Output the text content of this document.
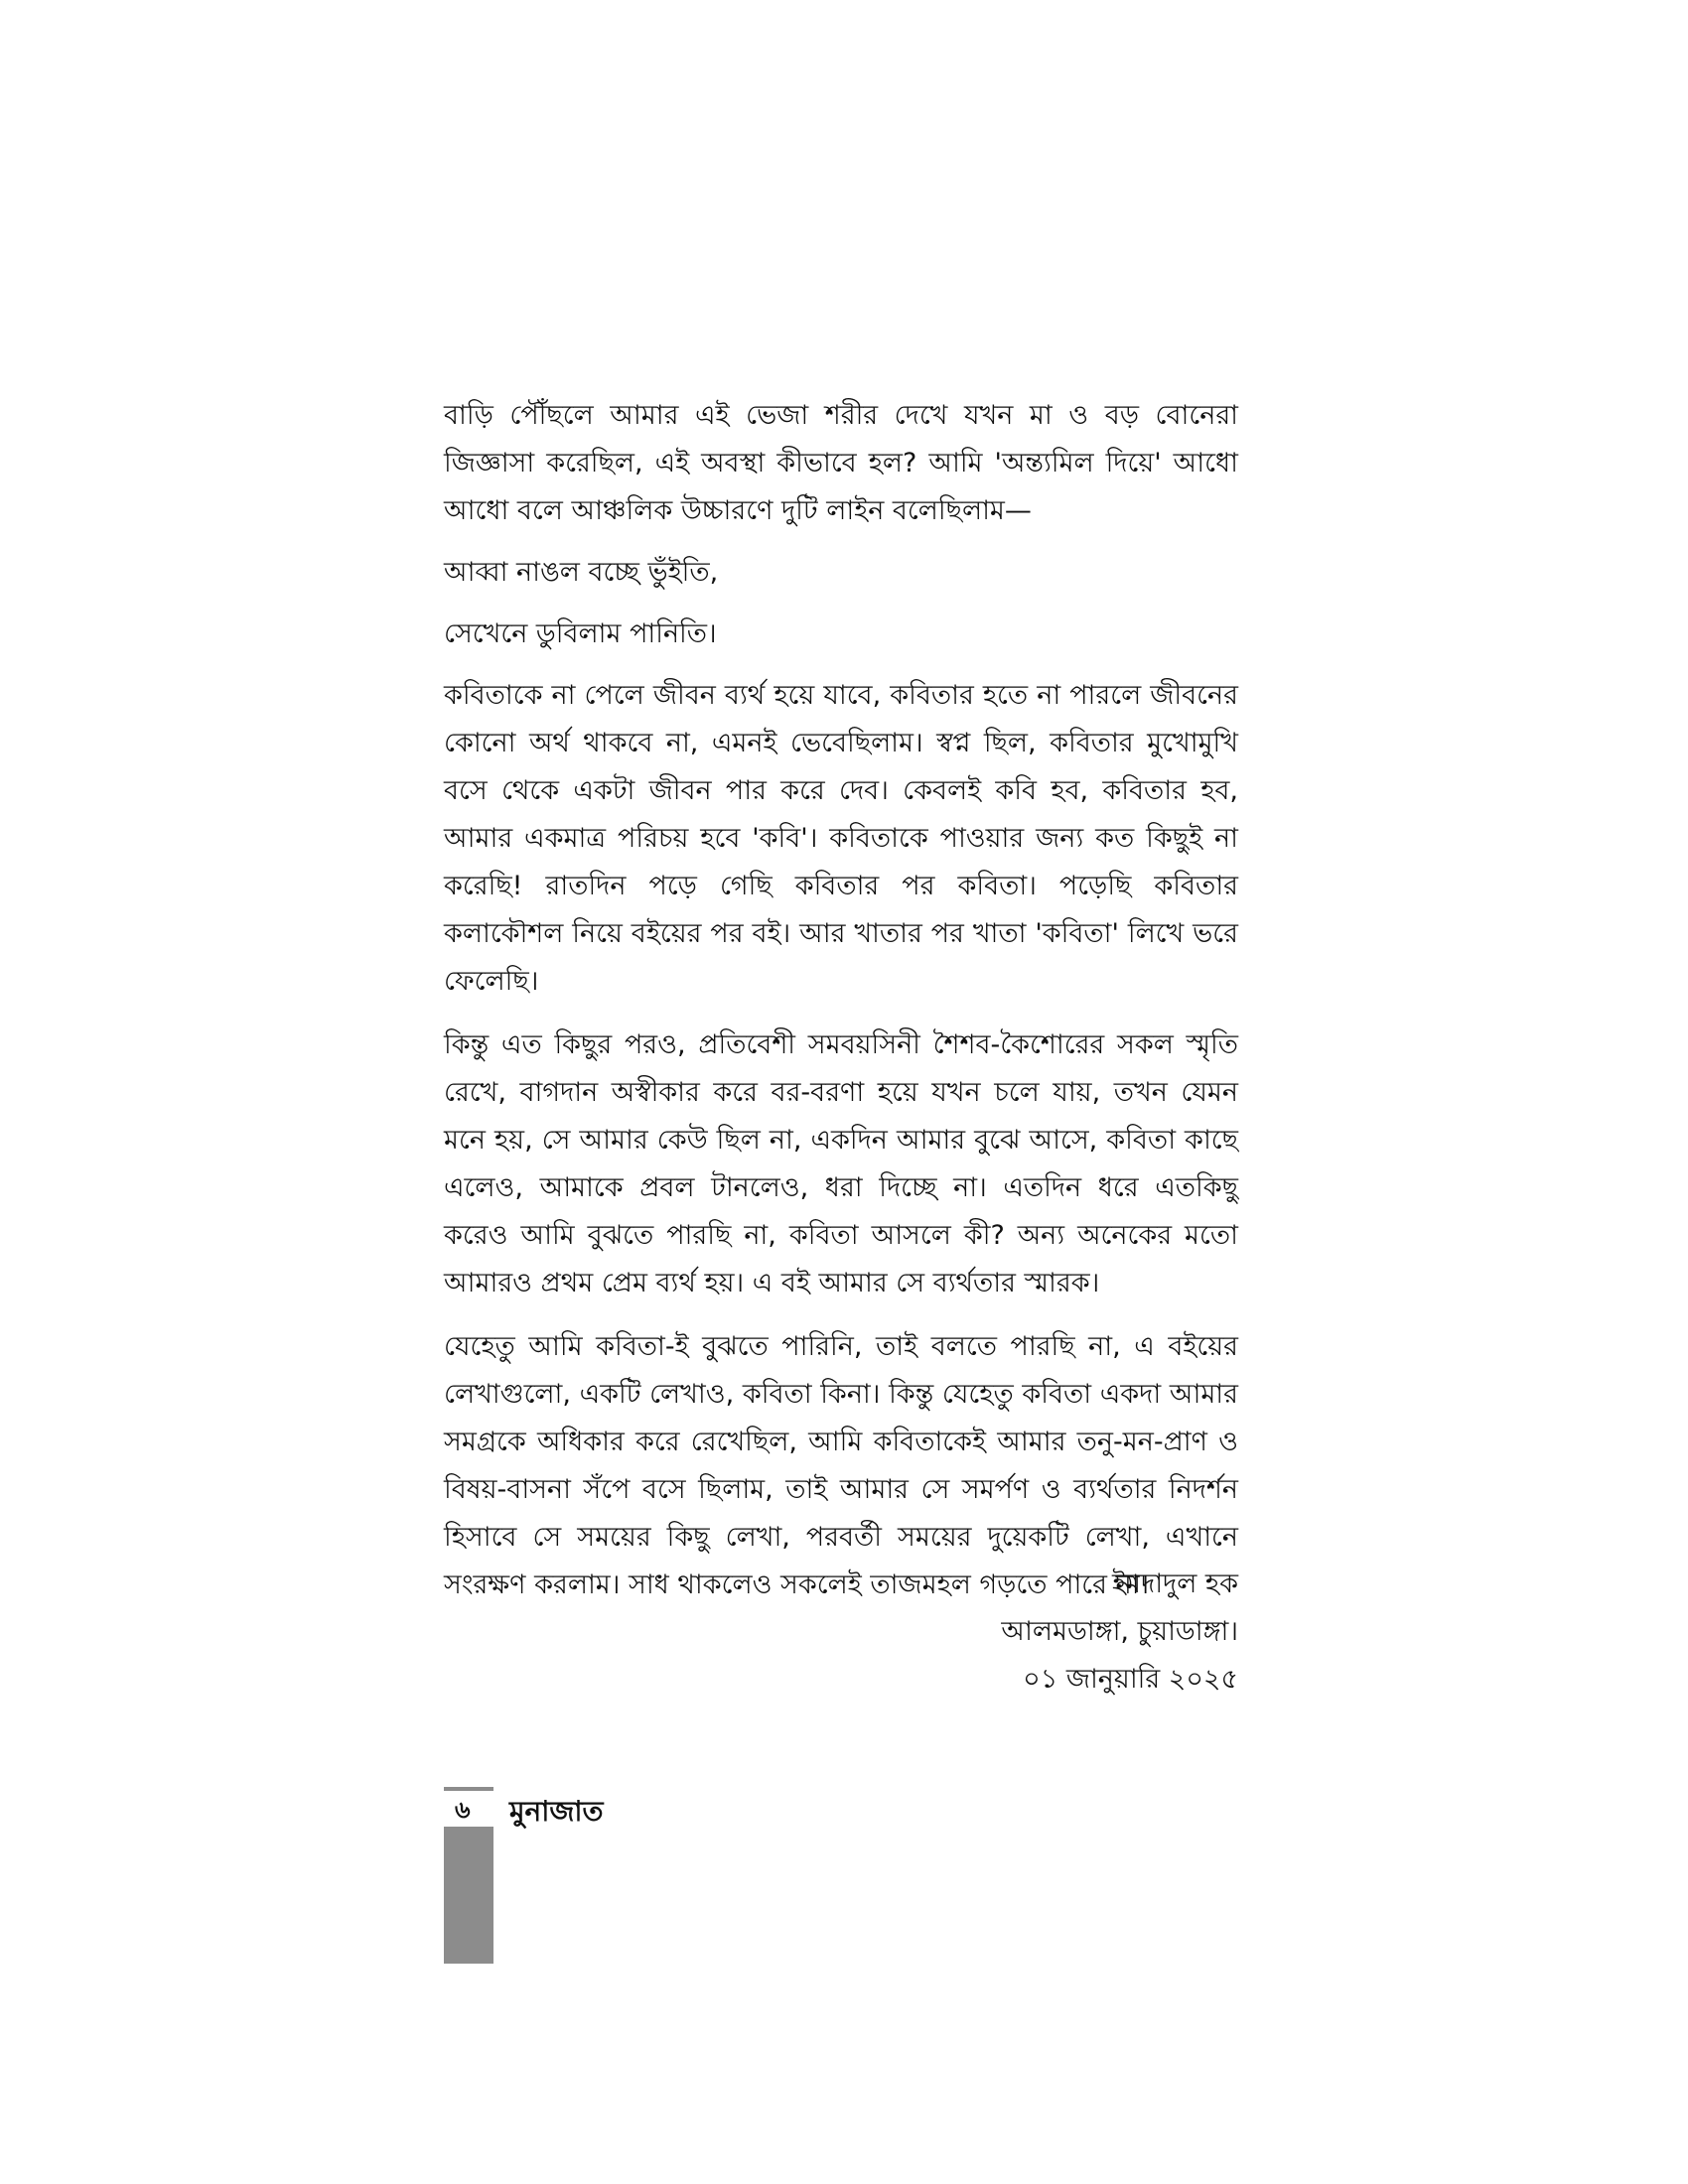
বাড়ি পৌঁছলে আমার এই ভেজা শরীর দেখে যখন মা ও বড় বোনেরা জিজ্ঞাসা করেছিল, এই অবস্থা কীভাবে হল? আমি 'অন্ত্যমিল দিয়ে' আধো আধো বলে আঞ্চলিক উচ্চারণে দুটি লাইন বলেছিলাম—

আব্বা নাঙল বচ্ছে ভুঁইতি,

সেখেনে ডুবিলাম পানিতি।

কবিতাকে না পেলে জীবন ব্যর্থ হয়ে যাবে, কবিতার হতে না পারলে জীবনের কোনো অর্থ থাকবে না, এমনই ভেবেছিলাম। স্বপ্ন ছিল, কবিতার মুখোমুখি বসে থেকে একটা জীবন পার করে দেব। কেবলই কবি হব, কবিতার হব, আমার একমাত্র পরিচয় হবে 'কবি'। কবিতাকে পাওয়ার জন্য কত কিছুই না করেছি! রাতদিন পড়ে গেছি কবিতার পর কবিতা। পড়েছি কবিতার কলাকৌশল নিয়ে বইয়ের পর বই। আর খাতার পর খাতা 'কবিতা' লিখে ভরে ফেলেছি।

কিন্তু এত কিছুর পরও, প্রতিবেশী সমবয়সিনী শৈশব-কৈশোরের সকল স্মৃতি রেখে, বাগদান অস্বীকার করে বর-বরণা হয়ে যখন চলে যায়, তখন যেমন মনে হয়, সে আমার কেউ ছিল না, একদিন আমার বুঝে আসে, কবিতা কাছে এলেও, আমাকে প্রবল টানলেও, ধরা দিচ্ছে না। এতদিন ধরে এতকিছু করেও আমি বুঝতে পারছি না, কবিতা আসলে কী? অন্য অনেকের মতো আমারও প্রথম প্রেম ব্যর্থ হয়। এ বই আমার সে ব্যর্থতার স্মারক।

যেহেতু আমি কবিতা-ই বুঝতে পারিনি, তাই বলতে পারছি না, এ বইয়ের লেখাগুলো, একটি লেখাও, কবিতা কিনা। কিন্তু যেহেতু কবিতা একদা আমার সমগ্রকে অধিকার করে রেখেছিল, আমি কবিতাকেই আমার তনু-মন-প্রাণ ও বিষয়-বাসনা সঁপে বসে ছিলাম, তাই আমার সে সমর্পণ ও ব্যর্থতার নিদর্শন হিসাবে সে সময়ের কিছু লেখা, পরবর্তী সময়ের দুয়েকটি লেখা, এখানে সংরক্ষণ করলাম। সাধ থাকলেও সকলেই তাজমহল গড়তে পারে না।

ইমদাদুল হক
আলমডাঙ্গা, চুয়াডাঙ্গা।
০১ জানুয়ারি ২০২৫
৬ মুনাজাত
